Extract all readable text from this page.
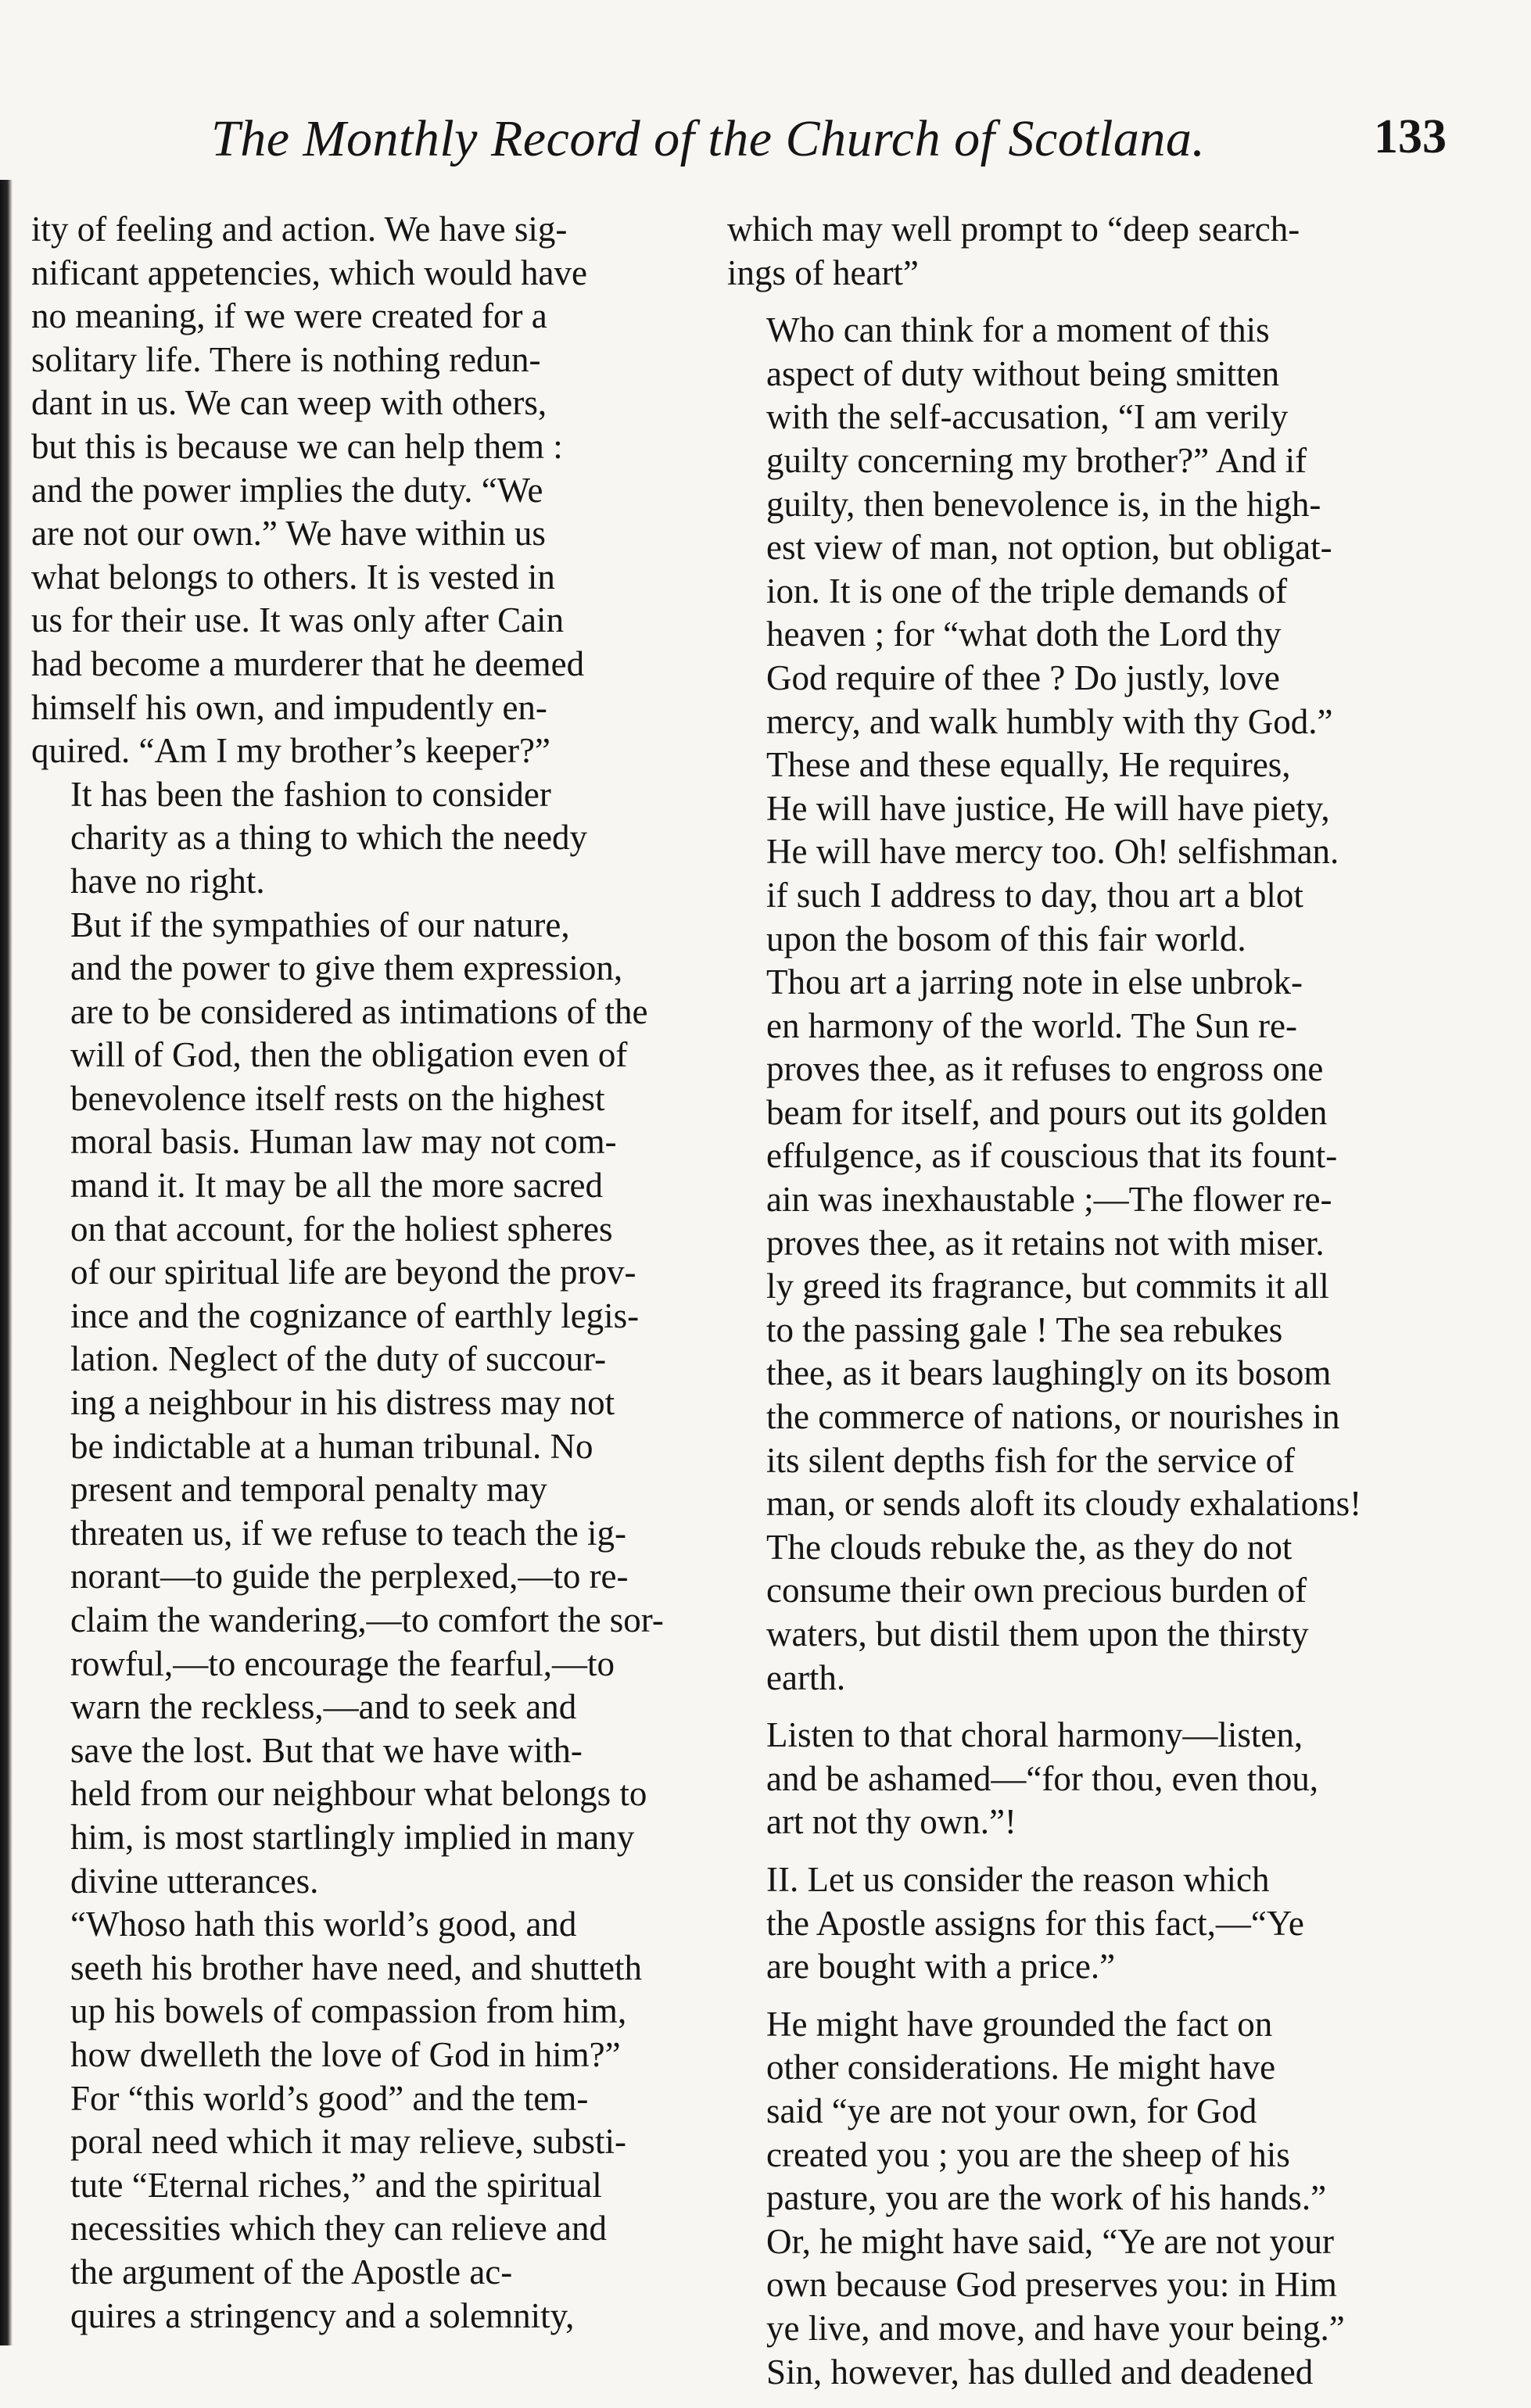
The Monthly Record of the Church of Scotlana.	133

ity of feeling and action. We have sig-
nificant appetencies, which would have
no meaning, if we were created for a
solitary life. There is nothing redun-
dant in us. We can weep with others,
but this is because we can help them :
and the power implies the duty. “We
are not our own.” We have within us
what belongs to others. It is vested in
us for their use. It was only after Cain
had become a murderer that he deemed
himself his own, and impudently en-
quired. “Am I my brother’s keeper?”

It has been the fashion to consider
charity as a thing to which the needy
have no right.

But if the sympathies of our nature,
and the power to give them expression,
are to be considered as intimations of the
will of God, then the obligation even of
benevolence itself rests on the highest
moral basis. Human law may not com-
mand it. It may be all the more sacred
on that account, for the holiest spheres
of our spiritual life are beyond the prov-
ince and the cognizance of earthly legis-
lation. Neglect of the duty of succour-
ing a neighbour in his distress may not
be indictable at a human tribunal. No
present and temporal penalty may
threaten us, if we refuse to teach the ig-
norant—to guide the perplexed,—to re-
claim the wandering,—to comfort the sor-
rowful,—to encourage the fearful,—to
warn the reckless,—and to seek and
save the lost. But that we have with-
held from our neighbour what belongs to
him, is most startlingly implied in many
divine utterances.

“Whoso hath this world’s good, and
seeth his brother have need, and shutteth
up his bowels of compassion from him,
how dwelleth the love of God in him?”
For “this world’s good” and the tem-
poral need which it may relieve, substi-
tute “Eternal riches,” and the spiritual
necessities which they can relieve and
the argument of the Apostle ac-
quires a stringency and a solemnity,

which may well prompt to “deep search-
ings of heart”

Who can think for a moment of this
aspect of duty without being smitten
with the self-accusation, “I am verily
guilty concerning my brother?” And if
guilty, then benevolence is, in the high-
est view of man, not option, but obligat-
ion. It is one of the triple demands of
heaven ; for “what doth the Lord thy
God require of thee ? Do justly, love
mercy, and walk humbly with thy God.”
These and these equally, He requires,
He will have justice, He will have piety,
He will have mercy too. Oh! selfishman.
if such I address to day, thou art a blot
upon the bosom of this fair world.
Thou art a jarring note in else unbrok-
en harmony of the world. The Sun re-
proves thee, as it refuses to engross one
beam for itself, and pours out its golden
effulgence, as if couscious that its fount-
ain was inexhaustable ;—The flower re-
proves thee, as it retains not with miser.
ly greed its fragrance, but commits it all
to the passing gale ! The sea rebukes
thee, as it bears laughingly on its bosom
the commerce of nations, or nourishes in
its silent depths fish for the service of
man, or sends aloft its cloudy exhalations!
The clouds rebuke the, as they do not
consume their own precious burden of
waters, but distil them upon the thirsty
earth.

Listen to that choral harmony—listen,
and be ashamed—“for thou, even thou,
art not thy own.”!

II. Let us consider the reason which
the Apostle assigns for this fact,—“Ye
are bought with a price.”

He might have grounded the fact on
other considerations. He might have
said “ye are not your own, for God
created you ; you are the sheep of his
pasture, you are the work of his hands.”
Or, he might have said, “Ye are not your
own because God preserves you: in Him
ye live, and move, and have your being.”
Sin, however, has dulled and deadened
